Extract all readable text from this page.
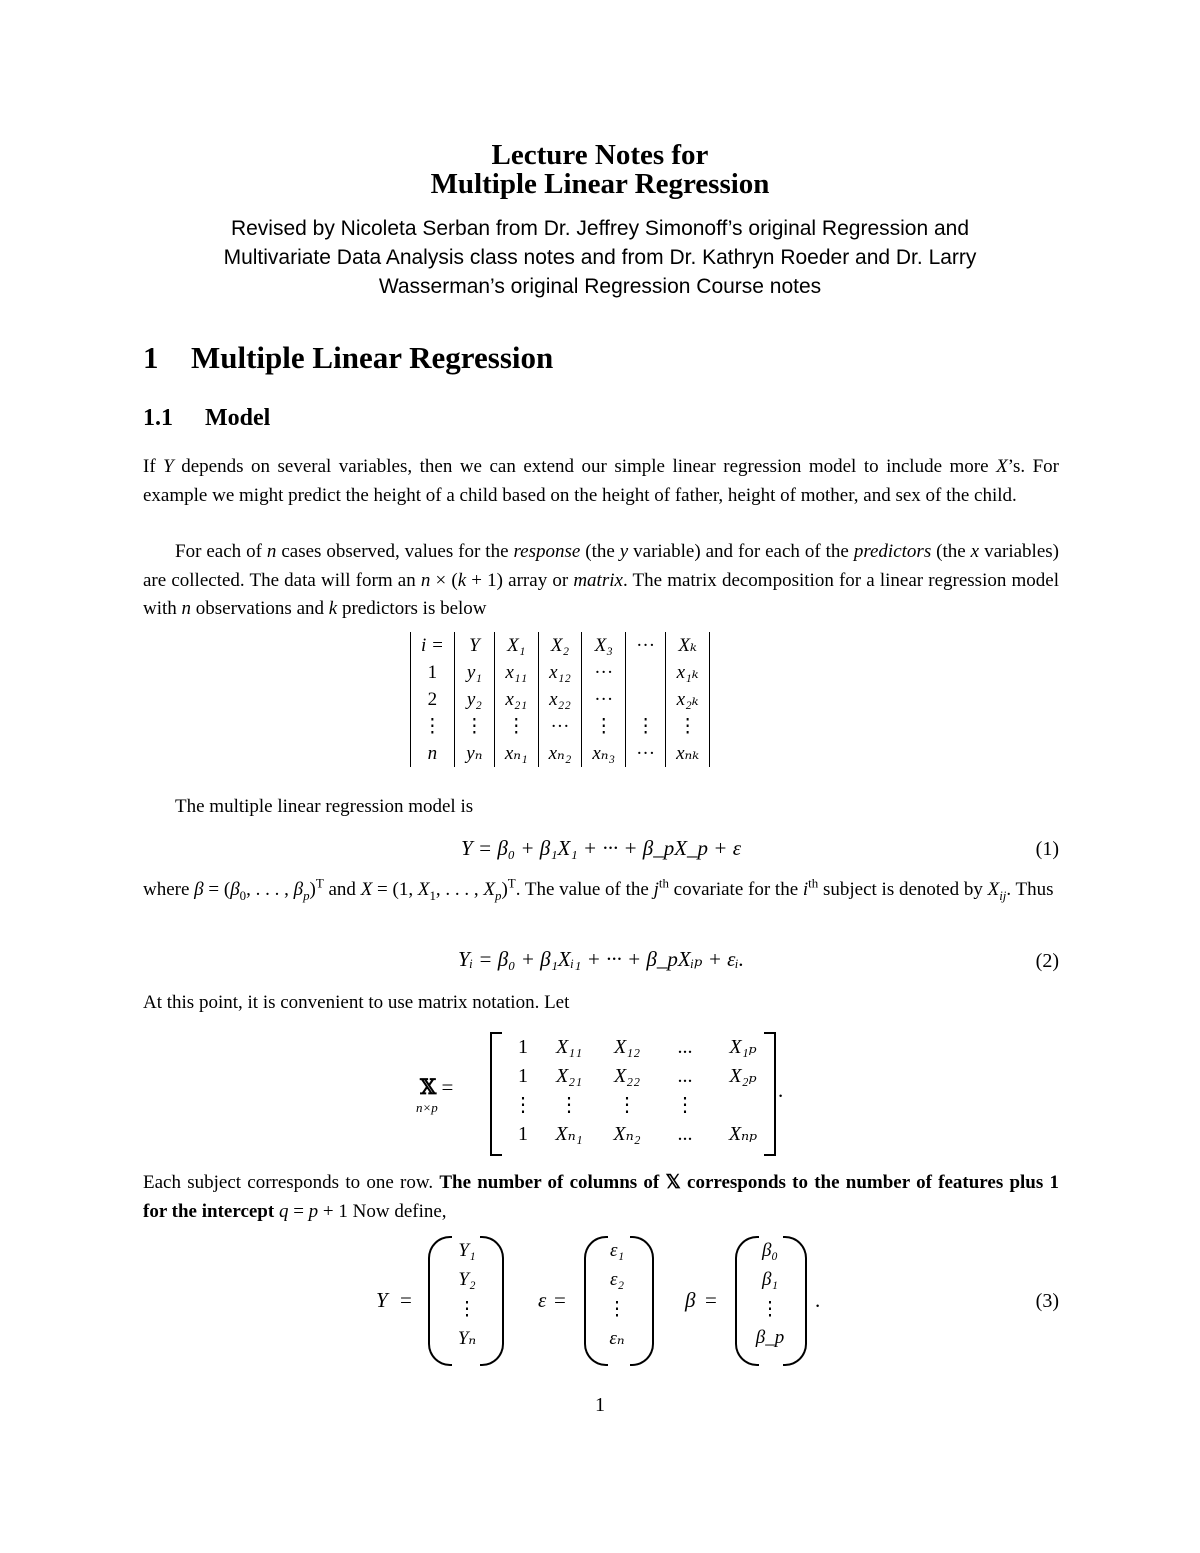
Lecture Notes for
Multiple Linear Regression
Revised by Nicoleta Serban from Dr. Jeffrey Simonoff’s original Regression and
Multivariate Data Analysis class notes and from Dr. Kathryn Roeder and Dr. Larry
Wasserman’s original Regression Course notes
1 Multiple Linear Regression
1.1 Model
If Y depends on several variables, then we can extend our simple linear regression model to include more X’s. For example we might predict the height of a child based on the height of father, height of mother, and sex of the child.
For each of n cases observed, values for the response (the y variable) and for each of the predictors (the x variables) are collected. The data will form an n × (k + 1) array or matrix. The matrix decomposition for a linear regression model with n observations and k predictors is below
i =	Y	X₁	X₂	X₃	···	Xₖ
1	y₁	x₁₁	x₁₂	···		x₁ₖ
2	y₂	x₂₁	x₂₂	···		x₂ₖ
⋮	⋮	⋮	···	⋮	⋮	⋮
n	yₙ	xₙ₁	xₙ₂	xₙ₃	···	xₙₖ
The multiple linear regression model is
Y = β₀ + β₁X₁ + ··· + β_pX_p + ε	(1)
where $\beta = (\beta_0$, . . . , $\beta_p)^T$ and X = (1, $X_1$, . . . , $X_p)^T$. The value of the $j^{th}$ covariate for the $i^{th}$ subject is denoted by $X_{ij}$. Thus
Yᵢ = β₀ + β₁Xᵢ₁ + ··· + β_pXᵢₚ + εᵢ.	(2)
At this point, it is convenient to use matrix notation. Let
𝕏 =
n×p
1 X₁₁ X₁₂ ... X₁ₚ
1 X₂₁ X₂₂ ... X₂ₚ
⋮ ⋮ ⋮ ⋮
1 Xₙ₁ Xₙ₂ ... Xₙₚ
.
Each subject corresponds to one row. The number of columns of 𝕏 corresponds to the number of features plus 1 for the intercept q = p + 1 Now define,
Y =
Y₁
Y₂
⋮
Yₙ
ε =
ε₁
ε₂
⋮
εₙ
β =
β₀
β₁
⋮
β_p
.	(3)
1
